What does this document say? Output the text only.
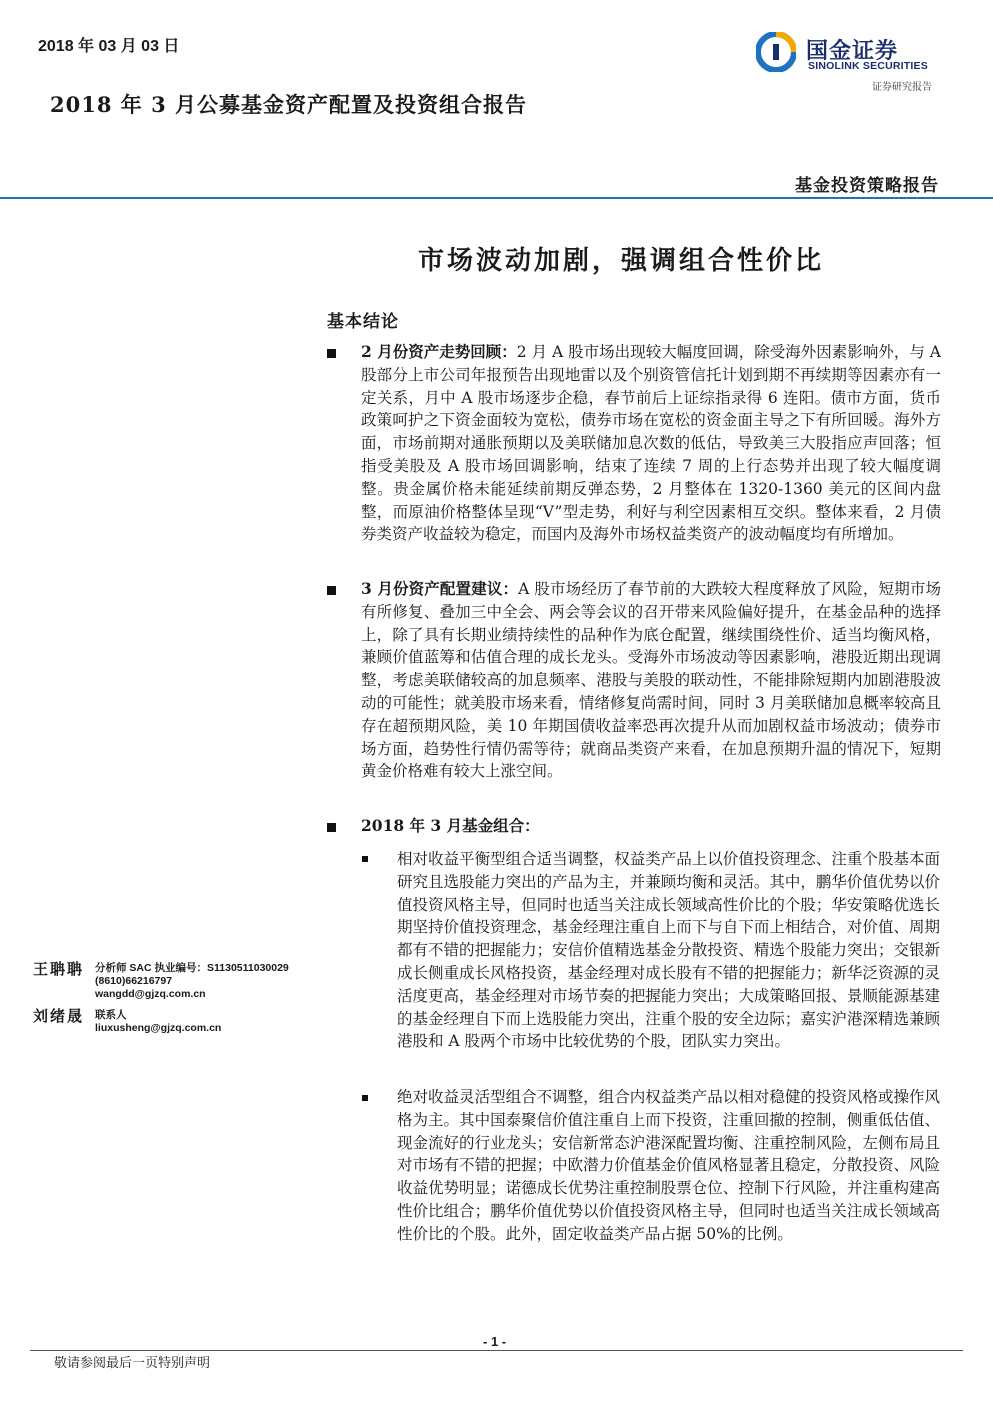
2018 年 03 月 03 日
2018 年 3 月公募基金资产配置及投资组合报告
国金证券
SINOLINK SECURITIES
证券研究报告
基金投资策略报告
市场波动加剧，强调组合性价比
基本结论
2 月份资产走势回顾：2 月 A 股市场出现较大幅度回调，除受海外因素影响外，与 A 股部分上市公司年报预告出现地雷以及个别资管信托计划到期不再续期等因素亦有一定关系，月中 A 股市场逐步企稳，春节前后上证综指录得 6 连阳。债市方面，货币政策呵护之下资金面较为宽松，债券市场在宽松的资金面主导之下有所回暖。海外方面，市场前期对通胀预期以及美联储加息次数的低估，导致美三大股指应声回落；恒指受美股及 A 股市场回调影响，结束了连续 7 周的上行态势并出现了较大幅度调整。贵金属价格未能延续前期反弹态势，2 月整体在 1320-1360 美元的区间内盘整，而原油价格整体呈现“V”型走势，利好与利空因素相互交织。整体来看，2 月债券类资产收益较为稳定，而国内及海外市场权益类资产的波动幅度均有所增加。
3 月份资产配置建议：A 股市场经历了春节前的大跌较大程度释放了风险，短期市场有所修复、叠加三中全会、两会等会议的召开带来风险偏好提升，在基金品种的选择上，除了具有长期业绩持续性的品种作为底仓配置，继续围绕性价、适当均衡风格，兼顾价值蓝筹和估值合理的成长龙头。受海外市场波动等因素影响，港股近期出现调整，考虑美联储较高的加息频率、港股与美股的联动性，不能排除短期内加剧港股波动的可能性；就美股市场来看，情绪修复尚需时间，同时 3 月美联储加息概率较高且存在超预期风险，美 10 年期国债收益率恐再次提升从而加剧权益市场波动；债券市场方面，趋势性行情仍需等待；就商品类资产来看，在加息预期升温的情况下，短期黄金价格难有较大上涨空间。
2018 年 3 月基金组合：
相对收益平衡型组合适当调整，权益类产品上以价值投资理念、注重个股基本面研究且选股能力突出的产品为主，并兼顾均衡和灵活。其中，鹏华价值优势以价值投资风格主导，但同时也适当关注成长领域高性价比的个股；华安策略优选长期坚持价值投资理念，基金经理注重自上而下与自下而上相结合，对价值、周期都有不错的把握能力；安信价值精选基金分散投资、精选个股能力突出；交银新成长侧重成长风格投资，基金经理对成长股有不错的把握能力；新华泛资源的灵活度更高，基金经理对市场节奏的把握能力突出；大成策略回报、景顺能源基建的基金经理自下而上选股能力突出，注重个股的安全边际；嘉实沪港深精选兼顾港股和 A 股两个市场中比较优势的个股，团队实力突出。
绝对收益灵活型组合不调整，组合内权益类产品以相对稳健的投资风格或操作风格为主。其中国泰聚信价值注重自上而下投资，注重回撤的控制，侧重低估值、现金流好的行业龙头；安信新常态沪港深配置均衡、注重控制风险，左侧布局且对市场有不错的把握；中欧潜力价值基金价值风格显著且稳定，分散投资、风险收益优势明显；诺德成长优势注重控制股票仓位、控制下行风险，并注重构建高性价比组合；鹏华价值优势以价值投资风格主导，但同时也适当关注成长领域高性价比的个股。此外，固定收益类产品占据 50%的比例。
王聃聃 分析师 SAC 执业编号：S1130511030029
(8610)66216797
wangdd@gjzq.com.cn
刘绪晟 联系人
liuxusheng@gjzq.com.cn
- 1 -
敬请参阅最后一页特别声明
